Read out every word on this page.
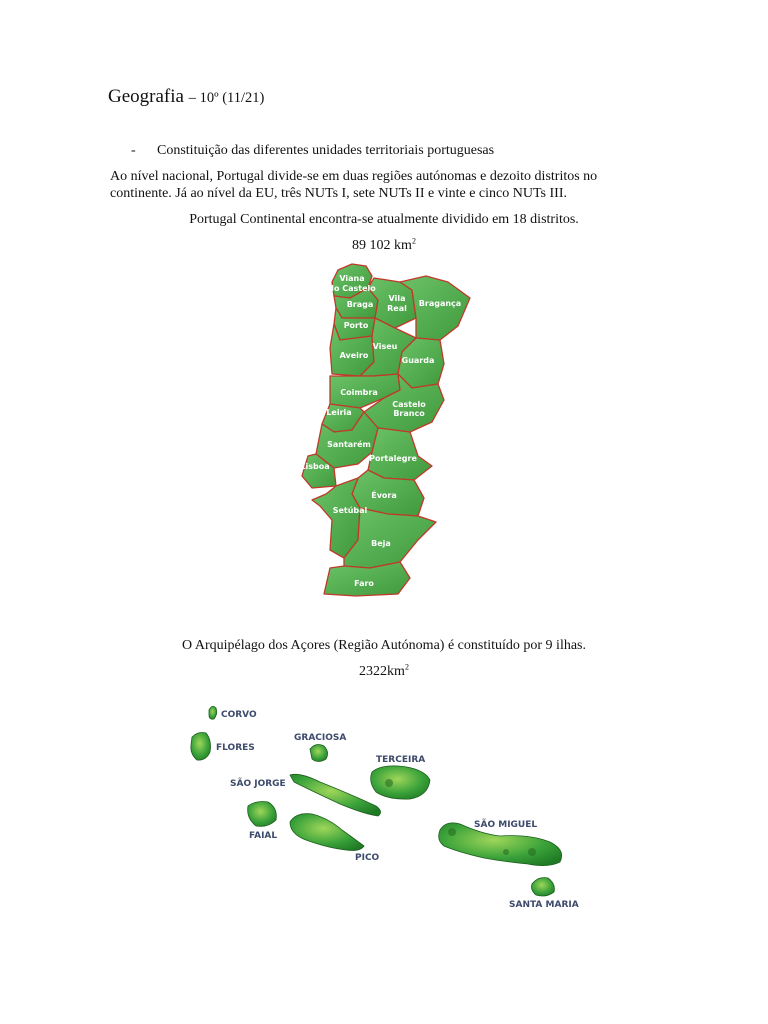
Geografia – 10º (11/21)
- Constituição das diferentes unidades territoriais portuguesas
Ao nível nacional, Portugal divide-se em duas regiões autónomas e dezoito distritos no continente. Já ao nível da EU, três NUTs I, sete NUTs II e vinte e cinco NUTs III.
Portugal Continental encontra-se atualmente dividido em 18 distritos.
89 102 $km^2$
Viana
do Castelo
Braga
Vila
Real
Bragança
Porto
Aveiro
Viseu
Guarda
Coimbra
Castelo
Branco
Leiria
Santarém
Portalegre
Lisboa
Évora
Setúbal
Beja
Faro
O Arquipélago dos Açores (Região Autónoma) é constituído por 9 ilhas.
$2322km^2$
CORVO
FLORES
GRACIOSA
TERCEIRA
SÃO JORGE
FAIAL
PICO
SÃO MIGUEL
SANTA MARIA
